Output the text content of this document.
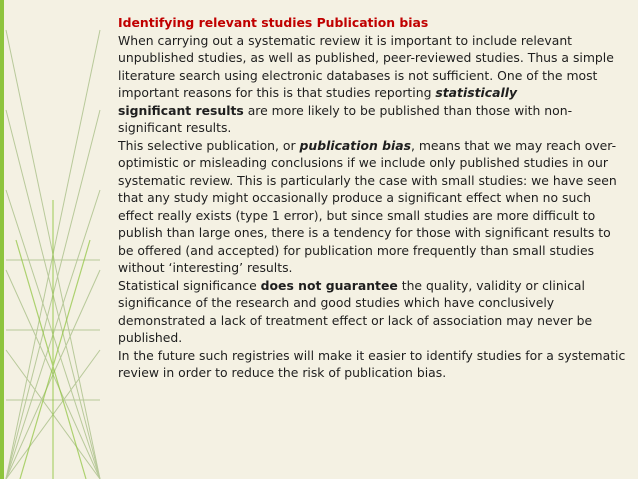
Identifying relevant studies Publication bias

When carrying out a systematic review it is important to include relevant unpublished studies, as well as published, peer-reviewed studies. Thus a simple literature search using electronic databases is not sufficient. One of the most important reasons for this is that studies reporting statistically
significant results are more likely to be published than those with non-significant results.

This selective publication, or publication bias, means that we may reach over-optimistic or misleading conclusions if we include only published studies in our systematic review. This is particularly the case with small studies: we have seen that any study might occasionally produce a significant effect when no such effect really exists (type 1 error), but since small studies are more difficult to publish than large ones, there is a tendency for those with significant results to be offered (and accepted) for publication more frequently than small studies without ‘interesting’ results.

Statistical significance does not guarantee the quality, validity or clinical significance of the research and good studies which have conclusively demonstrated a lack of treatment effect or lack of association may never be published.

In the future such registries will make it easier to identify studies for a systematic review in order to reduce the risk of publication bias.
